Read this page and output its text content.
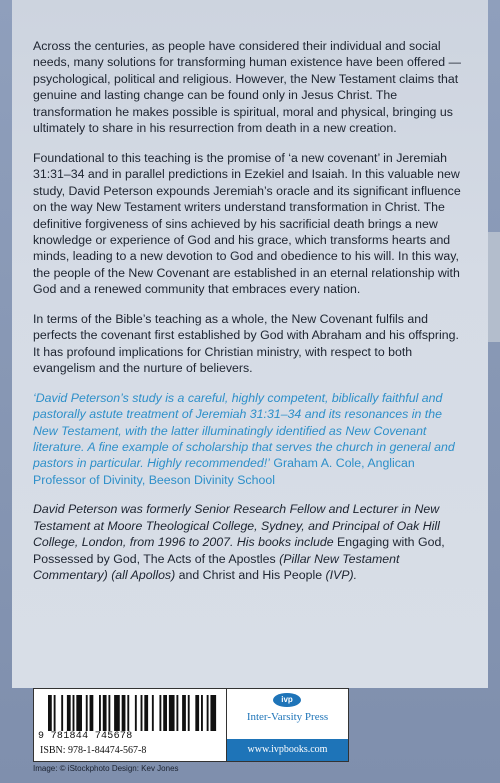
Across the centuries, as people have considered their individual and social needs, many solutions for transforming human existence have been offered — psychological, political and religious. However, the New Testament claims that genuine and lasting change can be found only in Jesus Christ. The transformation he makes possible is spiritual, moral and physical, bringing us ultimately to share in his resurrection from death in a new creation.

Foundational to this teaching is the promise of ‘a new covenant’ in Jeremiah 31:31–34 and in parallel predictions in Ezekiel and Isaiah. In this valuable new study, David Peterson expounds Jeremiah’s oracle and its significant influence on the way New Testament writers understand transformation in Christ. The definitive forgiveness of sins achieved by his sacrificial death brings a new knowledge or experience of God and his grace, which transforms hearts and minds, leading to a new devotion to God and obedience to his will. In this way, the people of the New Covenant are established in an eternal relationship with God and a renewed community that embraces every nation.

In terms of the Bible’s teaching as a whole, the New Covenant fulfils and perfects the covenant first established by God with Abraham and his offspring. It has profound implications for Christian ministry, with respect to both evangelism and the nurture of believers.

‘David Peterson’s study is a careful, highly competent, biblically faithful and pastorally astute treatment of Jeremiah 31:31–34 and its resonances in the New Testament, with the latter illuminatingly identified as New Covenant literature. A fine example of scholarship that serves the church in general and pastors in particular. Highly recommended!’ Graham A. Cole, Anglican Professor of Divinity, Beeson Divinity School

David Peterson was formerly Senior Research Fellow and Lecturer in New Testament at Moore Theological College, Sydney, and Principal of Oak Hill College, London, from 1996 to 2007. His books include Engaging with God, Possessed by God, The Acts of the Apostles (Pillar New Testament Commentary) (all Apollos) and Christ and His People (IVP).

9 781844 745678
ISBN: 978-1-84474-567-8
ivp
Inter-Varsity Press
www.ivpbooks.com
Image: © iStockphoto Design: Kev Jones
